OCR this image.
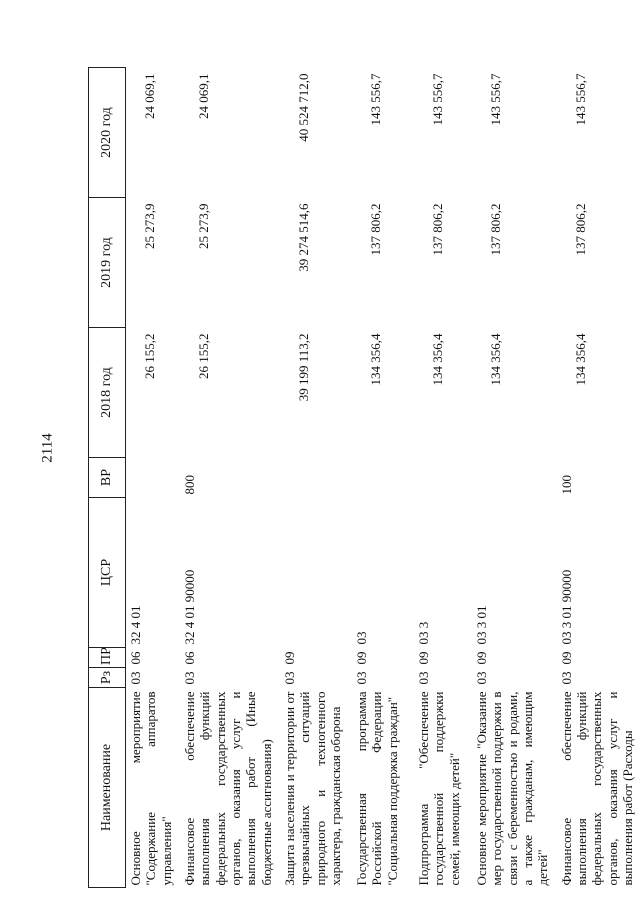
2114
Наименование	Рз	ПР	ЦСР	ВР	2018 год	2019 год	2020 год
Основное мероприятие "Содержание аппаратов управления"	03	06	32 4 01		26 155,2	25 273,9	24 069,1
Финансовое обеспечение выполнения функций федеральных государственных органов, оказания услуг и выполнения работ (Иные бюджетные ассигнования)	03	06	32 4 01 90000	800	26 155,2	25 273,9	24 069,1
Защита населения и территории от чрезвычайных ситуаций природного и техногенного характера, гражданская оборона	03	09			39 199 113,2	39 274 514,6	40 524 712,0
Государственная программа Российской Федерации "Социальная поддержка граждан"	03	09	03		134 356,4	137 806,2	143 556,7
Подпрограмма "Обеспечение государственной поддержки семей, имеющих детей"	03	09	03 3		134 356,4	137 806,2	143 556,7
Основное мероприятие "Оказание мер государственной поддержки в связи с беременностью и родами, а также гражданам, имеющим детей"	03	09	03 3 01		134 356,4	137 806,2	143 556,7
Финансовое обеспечение выполнения функций федеральных государственных органов, оказания услуг и выполнения работ (Расходы	03	09	03 3 01 90000	100	134 356,4	137 806,2	143 556,7
